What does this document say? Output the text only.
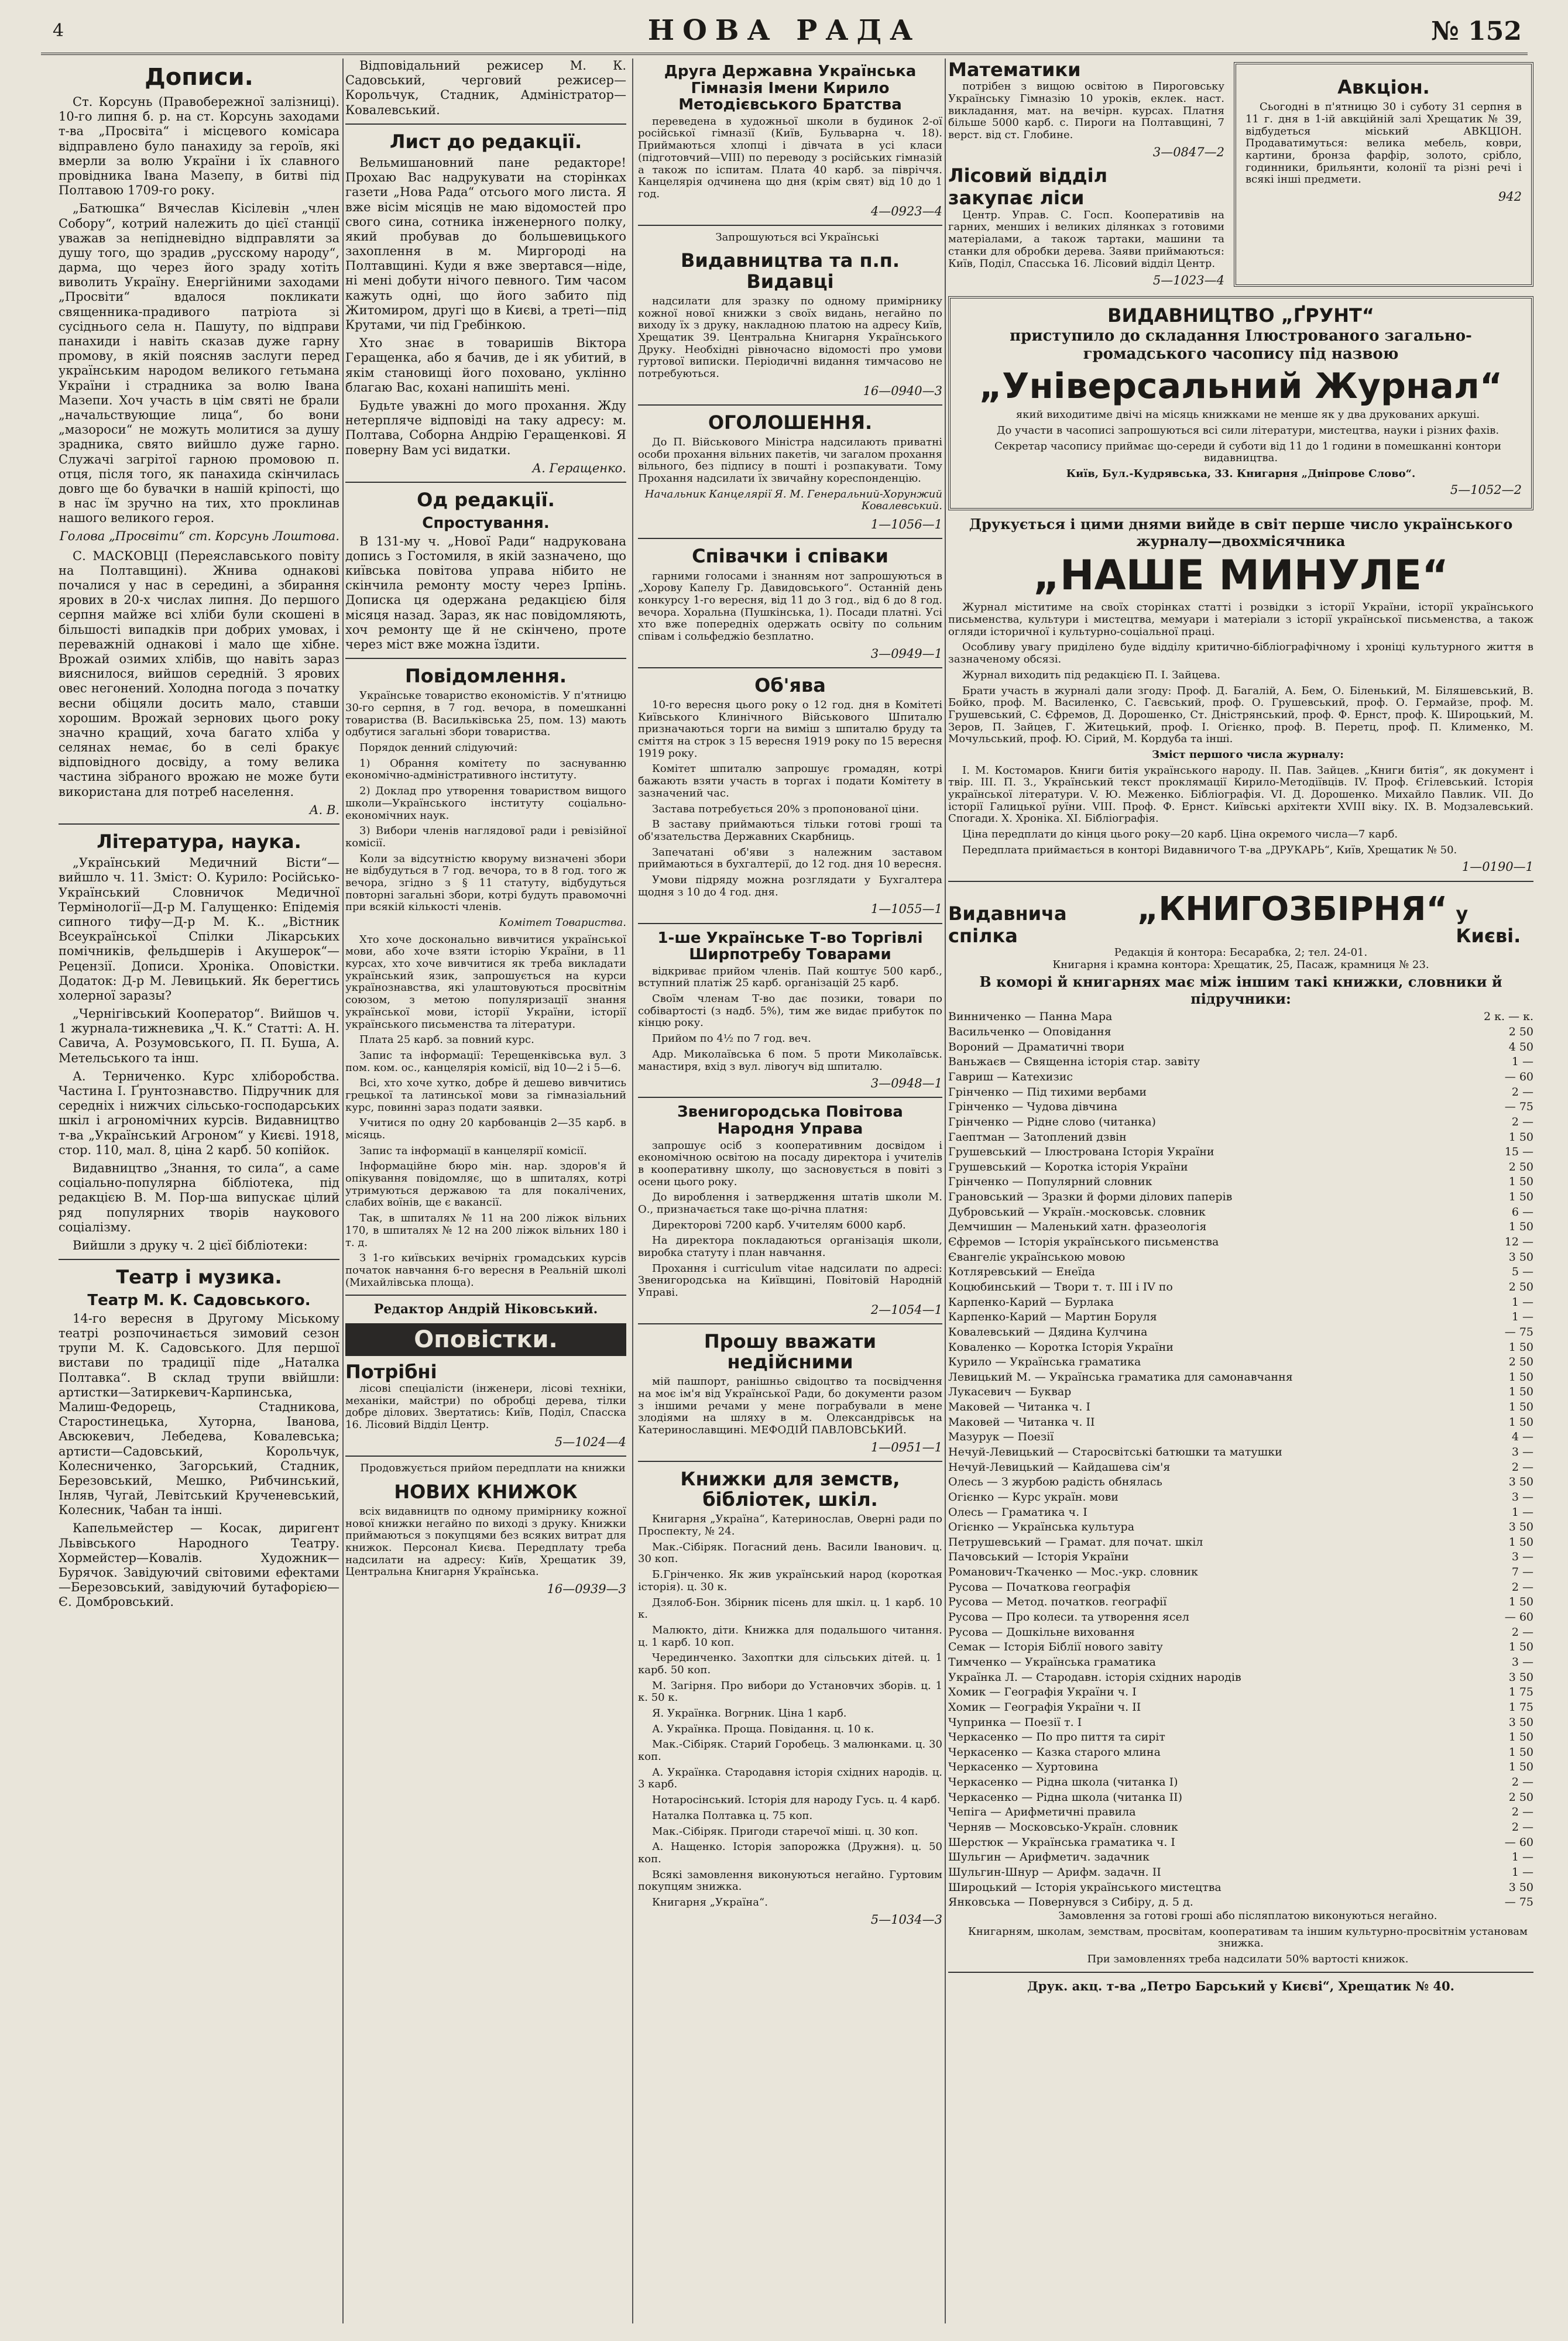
4	НОВА РАДА	№ 152
Дописи.

Ст. Корсунь (Правобережної залізниці). 10-го липня б. р. на ст. Корсунь заходами т-ва „Просвіта“ і місцевого комісара відправлено було панахиду за героїв, які вмерли за волю України і їх славного провідника Івана Мазепу, в битві під Полтавою 1709-го року.

„Батюшка“ Вячеслав Кісілевін „член Собору“, котрий належить до цієї станції уважав за непідневідно відправляти за душу того, що зрадив „русскому народу“, дарма, що через його зраду хотіть виволить Україну. Енергійними заходами „Просвіти“ вдалося покликати священника-прадивого патріота зі сусіднього села н. Пашуту, по відправи панахиди і навіть сказав дуже гарну промову, в якій поясняв заслуги перед українським народом великого гетьмана України і страдника за волю Івана Мазепи. Хоч участь в цім святі не брали „начальствующие лица“, бо вони „мазороси“ не можуть молитися за душу зрадника, свято вийшло дуже гарно. Служачі загрітої гарною промовою п. отця, після того, як панахида скінчилась довго ще бо бувачки в нашій кріпості, що в нас їм зручно на тих, хто проклинав нашого великого героя.

Голова „Просвіти“ ст. Корсунь Лоштова.

С. МАСКОВЦІ (Переяславського повіту на Полтавщині). Жнива однакові почалися у нас в середині, а збирання ярових в 20-х числах липня. До першого серпня майже всі хліби були скошені в більшості випадків при добрих умовах, і переважній однакові і мало ще хібне. Врожай озимих хлібів, що навіть зараз вияснилося, вийшов середній. З ярових овес негонений. Холодна погода з початку весни обіцяли досить мало, ставши хорошим. Врожай зернових цього року значно кращий, хоча багато хліба у селянах немає, бо в селі бракує відповідного досвіду, а тому велика частина зібраного врожаю не може бути використана для потреб населення.

А. В.
Література, наука.

„Український Медичний Вісти“—вийшло ч. 11. Зміст: О. Курило: Російсько-Український Словничок Медичної Термінології—Д-р М. Галущенко: Епідемія сипного тифу—Д-р М. К.. „Вістник Всеукраїнської Спілки Лікарських помічників, фельдшерів і Акушерок“—Рецензії. Дописи. Хроніка. Оповістки. Додаток: Д-р М. Левицький. Як берегтись холерної заразы?

„Чернігівський Кооператор“. Вийшов ч. 1 журнала-тижневика „Ч. К.“ Статті: А. Н. Савича, А. Розумовського, П. П. Буша, А. Метельського та інш.

А. Терниченко. Курс хліборобства. Частина I. Ґрунтознавство. Підручник для середніх і нижчих сільсько-господарських шкіл і агрономічних курсів. Видавництво т-ва „Український Агроном“ у Києві. 1918, стор. 110, мал. 8, ціна 2 карб. 50 копійок.

Видавництво „Знання, то сила“, а саме соціально-популярна бібліотека, під редакцією В. М. Пор-ша випускає цілий ряд популярних творів наукового соціалізму.

Вийшли з друку ч. 2 цієї бібліотеки:

Театр і музика.
Театр М. К. Садовського.

14-го вересня в Другому Міському театрі розпочинається зимовий сезон трупи М. К. Садовського. Для першої вистави по традиції піде „Наталка Полтавка“. В склад трупи ввійшли: артистки—Затиркевич-Карпинська, Малиш-Федорець, Стадникова, Старостинецька, Хуторна, Іванова, Авсюкевич, Лебедева, Ковалевська; артисти—Садовський, Корольчук, Колесниченко, Загорський, Стадник, Березовський, Мешко, Рибчинський, Інляв, Чугай, Левітський Крученевський, Колесник, Чабан та інші.

Капельмейстер — Косак, диригент Львівського Народного Театру. Хормейстер—Ковалів. Художник—Бурячок. Завідуючий світовими ефектами—Березовський, завідуючий бутафорією—Є. Домбровський.

Відповідальний режисер М. К. Садовський, черговий режисер—Корольчук, Стадник, Адміністратор—Ковалевський.

Лист до редакції.

Вельмишановний пане редакторе! Прохаю Вас надрукувати на сторінках газети „Нова Рада“ отсього мого листа. Я вже вісім місяців не маю відомостей про свого сина, сотника інженерного полку, який пробував до большевицького захоплення в м. Миргороді на Полтавщині. Куди я вже звертався—ніде, ні мені добути нічого певного. Тим часом кажуть одні, що його забито під Житомиром, другі що в Києві, а треті—під Крутами, чи під Гребінкою.

Хто знає в товаришів Віктора Геращенка, або я бачив, де і як убитий, в якім становищі його поховано, уклінно благаю Вас, кохані напишіть мені.

Будьте уважні до мого прохання. Жду нетерпляче відповіді на таку адресу: м. Полтава, Соборна Андрію Геращенкові. Я поверну Вам усі видатки.

А. Геращенко.
Од редакції.
Спростування.

В 131-му ч. „Нової Ради“ надрукована допись з Гостомиля, в якій зазначено, що київська повітова управа нібито не скінчила ремонту мосту через Ірпінь. Допиcка ця одержана редакцією біля місяця назад. Зараз, як нас повідомляють, хоч ремонту ще й не скінчено, проте через міст вже можна їздити.

Повідомлення.

Українське товариство економістів. У п'ятницю 30-го серпня, в 7 год. вечора, в помешканні товариства (В. Васильківська 25, пом. 13) мають одбутися загальні збори товариства.

Порядок денний слідуючий:

1) Обрання комітету по заснуванню економічно-адміністративного інституту.

2) Доклад про утворення товариством вищого школи—Українського інституту соціально-економічних наук.

3) Вибори членів наглядової ради і ревізійної комісії.

Коли за відсутністю кворуму визначені збори не відбудуться в 7 год. вечора, то в 8 год. того ж вечора, згідно з § 11 статуту, відбудуться повторні загальні збори, котрі будуть правомочні при всякій кількості членів.

Комітет Товариства.

Хто хоче досконально вивчитися української мови, або хоче взяти історію України, в 11 курсах, хто хоче вивчитися як треба викладати український язик, запрошується на курси українознавства, які улаштовуються просвітнім союзом, з метою популяризації знання української мови, історії України, історії українського письменства та літератури.

Плата 25 карб. за повний курс.

Запис та інформації: Терещенківська вул. 3 пом. ком. ос., канцелярія комісії, від 10—2 і 5—6.

Всі, хто хоче хутко, добре й дешево вивчитись грецької та латинської мови за гімназіальний курс, повинні зараз подати заявки.

Учитися по одну 20 карбованців 2—35 карб. в місяць.

Запис та інформації в канцелярії комісії.

Інформаційне бюро мін. нар. здоров'я й опікування повідомляє, що в шпиталях, котрі утримуються державою та для покалічених, слабих воїнів, ще є вакансії.

Так, в шпиталях № 11 на 200 ліжок вільних 170, в шпиталях № 12 на 200 ліжок вільних 180 і т. д.

З 1-го київських вечірніх громадських курсів початок навчання 6-го вересня в Реальній школі (Михайлівська площа).

Редактор Андрій Ніковський.
Оповістки.
Потрібні

лісові спеціалісти (інженери, лісові техніки, механіки, майстри) по обробці дерева, тілки добре ділових. Звертатись: Київ, Поділ, Спасска 16. Лісовий Відділ Центр.

5—1024—4

Продовжується прийом передплати на книжки

НОВИХ КНИЖОК

всіх видавництв по одному примірнику кожної нової книжки негайно по виході з друку. Книжки приймаються з покупцями без всяких витрат для книжок. Персонал Києва. Передплату треба надсилати на адресу: Київ, Хрещатик 39, Центральна Книгарня Українська.

16—0939—3
Друга Державна Українська Гімназія Імени Кирило Методієвського Братства

переведена в художньої школи в будинок 2-ої російської гімназії (Київ, Бульварна ч. 18). Приймаються хлопці і дівчата в усі класи (підготовчий—VIII) по переводу з російських гімназій а також по іспитам. Плата 40 карб. за півріччя. Канцелярія одчинена що дня (крім свят) від 10 до 1 год.

4—0923—4

Запрошуються всі Українські

Видавництва та п.п. Видавці

надсилати для зразку по одному примірнику кожної нової книжки з своїх видань, негайно по виходу їх з друку, накладною платою на адресу Київ, Хрещатик 39. Центральна Книгарня Українського Друку. Необхідні рівночасно відомості про умови гуртової виписки. Періодичні видання тимчасово не потребуються.

16—0940—3
ОГОЛОШЕННЯ.

До П. Військового Міністра надсилають приватні особи прохання вільних пакетів, чи загалом прохання вільного, без підпису в пошті і розпакувати. Тому Прохання надсилати їх звичайну кореспонденцію.

Начальник Канцелярії Я. М. Генеральний-Хорунжий Ковалевський.
1—1056—1
Співачки і співаки

гарними голосами і знанням нот запрошуються в „Хорову Капелу Гр. Давидовського“. Останній день конкурсу 1-го вересня, від 11 до 3 год., від 6 до 8 год. вечора. Хоральна (Пушкінська, 1). Посади платні. Усі хто вже попередніх одержать освіту по сольним співам і сольфеджіо безплатно.

3—0949—1
Об'ява

10-го вересня цього року о 12 год. дня в Комітеті Київського Клинічного Військового Шпиталю призначаються торги на виміш з шпиталю бруду та сміття на строк з 15 вересня 1919 року по 15 вересня 1919 року.

Комітет шпиталю запрошує громадян, котрі бажають взяти участь в торгах і подати Комітету в зазначений час.

Застава потребується 20% з пропонованої ціни.

В заставу приймаються тільки готові гроші та об'язательства Державних Скарбниць.

Запечатані об'яви з належним заставом приймаються в бухгалтерії, до 12 год. дня 10 вересня.

Умови підряду можна розглядати у Бухгалтера щодня з 10 до 4 год. дня.

1—1055—1
1-ше Українське Т-во Торгівлі Ширпотребу Товарами

відкриває прийом членів. Пай коштує 500 карб., вступний платіж 25 карб. організацій 25 карб.

Своїм членам Т-во дає позики, товари по собівартості (з надб. 5%), тим же видає прибуток по кінцю року.

Прийом по 4½ по 7 год. веч.

Адр. Миколаївська 6 пом. 5 проти Миколаївськ. манастиря, вхід з вул. лівоrуч від шпиталю.

3—0948—1
Звенигородська Повітова Народня Управа

запрошує осіб з кооперативним досвідом і економічною освітою на посаду директора і учителів в кооперативну школу, що засновується в повіті з осени цього року.

До вироблення і затвердження штатів школи М. О., призначається таке що-річна платня:

Директорові 7200 карб. Учителям 6000 карб.

На директора покладаються організація школи, виробка статуту і план навчання.

Прохання і curriculum vitae надсилати по адресі: Звенигородська на Київщині, Повітовій Народній Управі.

2—1054—1
Прошу вважати недійсними

мій пашпорт, ранішньо свідоцтво та посвідчення на моє ім'я від Української Ради, бо документи разом з іншими речами у мене пограбували в мене злодіями на шляху в м. Олександрівськ на Катеринославщині. МЕФОДІЙ ПАВЛОВСЬКИЙ.

1—0951—1
Книжки для земств, бібліотек, шкіл.

Книгарня „Україна“, Катеринослав, Оверні ради по Проспекту, № 24.

Мак.-Сібіряк. Погасний день. Васили Іванович. ц. 30 коп.

Б.Грінченко. Як жив український народ (короткая історія). ц. 30 к.

Дзялоб-Бон. Збірник пісень для шкіл. ц. 1 карб. 10 к.

Малюкто, діти. Книжка для подальшого читання. ц. 1 карб. 10 коп.

Черединченко. Захоптки для сільських дітей. ц. 1 карб. 50 коп.

М. Загірня. Про вибори до Установчих зборів. ц. 1 к. 50 к.

Я. Українка. Вогрник. Ціна 1 карб.

А. Українка. Проща. Повідання. ц. 10 к.

Мак.-Сібіряк. Старий Горобець. З малюнками. ц. 30 коп.

А. Українка. Стародавня історія східних народів. ц. 3 карб.

Нотаросінський. Історія для народу Гусь. ц. 4 карб.

Наталка Полтавка ц. 75 коп.

Мак.-Сібіряк. Пригоди старечої міші. ц. 30 коп.

А. Нащенко. Історія запорожка (Дружня). ц. 50 коп.

Всякі замовлення виконуються негайно. Гуртовим покупцям знижка.

Книгарня „Україна“.

5—1034—3
Математики

потрібен з вищою освітою в Пироговську Українську Гімназію 10 уроків, еклек. наст. викладання, мат. на вечірн. курсах. Платня більше 5000 карб. с. Пироги на Полтавщині, 7 верст. від ст. Глобине.

3—0847—2
Лісовий відділ
закупає ліси

Центр. Управ. С. Госп. Кооперативів на гарних, менших і великих ділянках з готовими матеріалами, а також тартаки, машини та станки для обробки дерева. Заяви приймаються: Київ, Поділ, Спасська 16. Лісовий відділ Центр.

5—1023—4
Авкціон.

Сьогодні в п'ятницю 30 і суботу 31 серпня в 11 г. дня в 1-ій авкційній залі Хрещатик № 39, відбудеться міський АВКЦІОН. Продаватимуться: велика мебель, коври, картини, бронза фарфір, золото, срібло, годинники, брильянти, колонії та різні речі і всякі інші предмети.

942
ВИДАВНИЦТВО „ҐРУНТ“
приступило до складання Ілюстрованого загально-громадського часопису під назвою
„Універсальний Журнал“

який виходитиме двічі на місяць книжками не менше як у два друкованих аркуші.

До участи в часописі запрошуються всі сили літератури, мистецтва, науки і різних фахів.

Секретар часопису приймає що-середи й суботи від 11 до 1 години в помешканні контори видавництва.

Київ, Бул.-Кудрявська, 33. Книгарня „Дніпрове Слово“.
5—1052—2
Друкується і цими днями вийде в світ перше число українського журналу—двохмісячника
„НАШЕ МИНУЛЕ“

Журнал міститиме на своїх сторінках статті і розвідки з історії України, історії українського письменства, культури і мистецтва, мемуари і матеріали з історії української письменства, а також огляди історичної і культурно-соціальної праці.

Особливу увагу приділено буде відділу критично-бібліографічному і хроніці культурного життя в зазначеному обсязі.

Журнал виходить під редакцією П. І. Зайцева.

Брати участь в журналі дали згоду: Проф. Д. Багалій, А. Бем, О. Біленький, М. Біляшевський, В. Бойко, проф. М. Василенко, С. Гаєвський, проф. О. Грушевський, проф. О. Гермайзе, проф. М. Грушевський, С. Єфремов, Д. Дорошенко, Ст. Дністрянський, проф. Ф. Ернст, проф. К. Широцький, М. Зеров, П. Зайцев, Г. Житецький, проф. І. Огієнко, проф. В. Перетц, проф. П. Клименко, М. Мочульський, проф. Ю. Сірий, М. Кордуба та інші.

Зміст першого числа журналу:

І. М. Костомаров. Книги битія українського народу. II. Пав. Зайцев. „Книги битія“, як документ і твір. III. П. З., Український текст проклямації Кирило-Методіївців. IV. Проф. Єгілевський. Історія української літератури. V. Ю. Меженко. Бібліографія. VI. Д. Дорошенко. Михайло Павлик. VII. До історії Галицької руїни. VIII. Проф. Ф. Ернст. Київські архітекти XVIII віку. IX. В. Модзалевський. Спогади. X. Хроніка. XI. Бібліографія.

Ціна передплати до кінця цього року—20 карб. Ціна окремого числа—7 карб.

Передплата приймається в конторі Видавничого Т-ва „ДРУКАРЬ“, Київ, Хрещатик № 50.

1—0190—1
Видавнича спілка
„КНИГОЗБІРНЯ“ у Києві.
Редакція й контора: Бесарабка, 2; тел. 24-01.
Книгарня і крамна контора: Хрещатик, 25, Пасаж, крамниця № 23.
В коморі й книгарнях має між іншим такі книжки, словники й підручники:
Винниченко — Панна Мара	2 к. — к.
Васильченко — Оповідання	2 50
Вороний — Драматичні твори	4 50
Ваньжаєв — Священна історія стар. завіту	1 —
Гавриш — Катехизис	— 60
Грінченко — Під тихими вербами	2 —
Грінченко — Чудова дівчина	— 75
Грінченко — Рідне слово (читанка)	2 —
Гаептман — Затоплений дзвін	1 50
Грушевський — Ілюстрована Історія України	15 —
Грушевський — Коротка історія України	2 50
Грінченко — Популярний словник	1 50
Грановський — Зразки й форми ділових паперів	1 50
Дубровський — Україн.-московськ. словник	6 —
Демчишин — Маленький хатн. фразеологія	1 50
Єфремов — Історія українського письменства	12 —
Євангеліє українською мовою	3 50
Котляревський — Енеїда	5 —
Коцюбинський — Твори т. т. III і IV по	2 50
Карпенко-Карий — Бурлака	1 —
Карпенко-Карий — Мартин Боруля	1 —
Ковалевський — Дядина Кулчина	— 75
Коваленко — Коротка Історія України	1 50
Курило — Українська граматика	2 50
Левицький М. — Українська граматика для самонавчання	1 50
Лукасевич — Буквар	1 50
Маковей — Читанка ч. I	1 50
Маковей — Читанка ч. II	1 50
Мазурук — Поезії	4 —
Нечуй-Левицький — Старосвітські батюшки та матушки	3 —
Нечуй-Левицький — Кайдашева сім'я	2 —
Олесь — З журбою радість обнялась	3 50
Огієнко — Курс україн. мови	3 —
Олесь — Граматика ч. I	1 —
Огієнко — Українська культура	3 50
Петрушевський — Грамат. для почат. шкіл	1 50
Пачовський — Історія України	3 —
Романович-Ткаченко — Мос.-укр. словник	7 —
Русова — Початкова географія	2 —
Русова — Метод. початков. географії	1 50
Русова — Про колеси. та утворення ясел	— 60
Русова — Дошкільне виховання	2 —
Семак — Історія Біблії нового завіту	1 50
Тимченко — Українська граматика	3 —
Українка Л. — Стародавн. історія східних народів	3 50
Хомик — Географія України ч. I	1 75
Хомик — Географія України ч. II	1 75
Чупринка — Поезії т. I	3 50
Черкасенко — По про пиття та сиріт	1 50
Черкасенко — Казка старого млина	1 50
Черкасенко — Хуртовина	1 50
Черкасенко — Рідна школа (читанка I)	2 —
Черкасенко — Рідна школа (читанка II)	2 50
Чепіга — Арифметичні правила	2 —
Черняв — Московсько-Україн. словник	2 —
Шерстюк — Українська граматика ч. I	— 60
Шульгин — Арифметич. задачник	1 —
Шульгин-Шнур — Арифм. задачн. II	1 —
Широцький — Історія українського мистецтва	3 50
Янковська — Повернувся з Сибіру, д. 5 д.	— 75

Замовлення за готові гроші або післяплатою виконуються негайно.

Книгарням, школам, земствам, просвітам, кооперативам та іншим культурно-просвітнім установам знижка.

При замовленнях треба надсилати 50% вартості книжок.

Друк. акц. т-ва „Петро Барський у Києві“, Хрещатик № 40.
